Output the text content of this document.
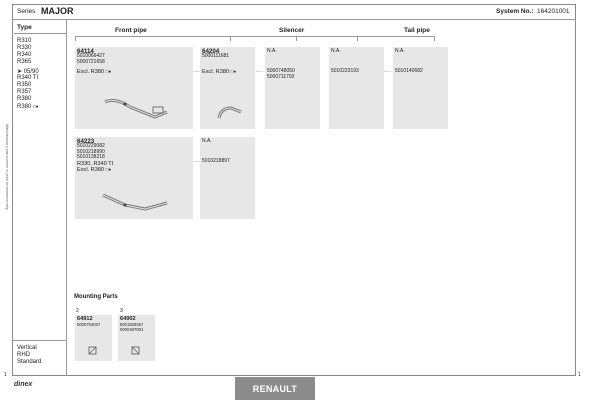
Series MAJOR	System No.: 164201001
Type
R310
R330
R340
R365
➤ 05/90
R340 TI
R350
R357
R380
R380 □●
Vertical
RHD
Standard
Manufacturer's part number is used for reference only
Front pipe	Silencer	Tail pipe
64114
5010066427
5000721658
Excl. R380 □●	.....
64204
5000111681
Excl. R380 □●	.....
N.A.
5000748050
5000711792
N.A.
5010223193	.....
N.A.
5010140682
64223
5010229082
5010218990
5010138218
R330, R340 TI
Excl. R380 □●
.....
N.A.
5010218897
Mounting Parts
2
64912
0000704037
3
64902
5001829357
0000487001
1	1
dinex	RENAULT
